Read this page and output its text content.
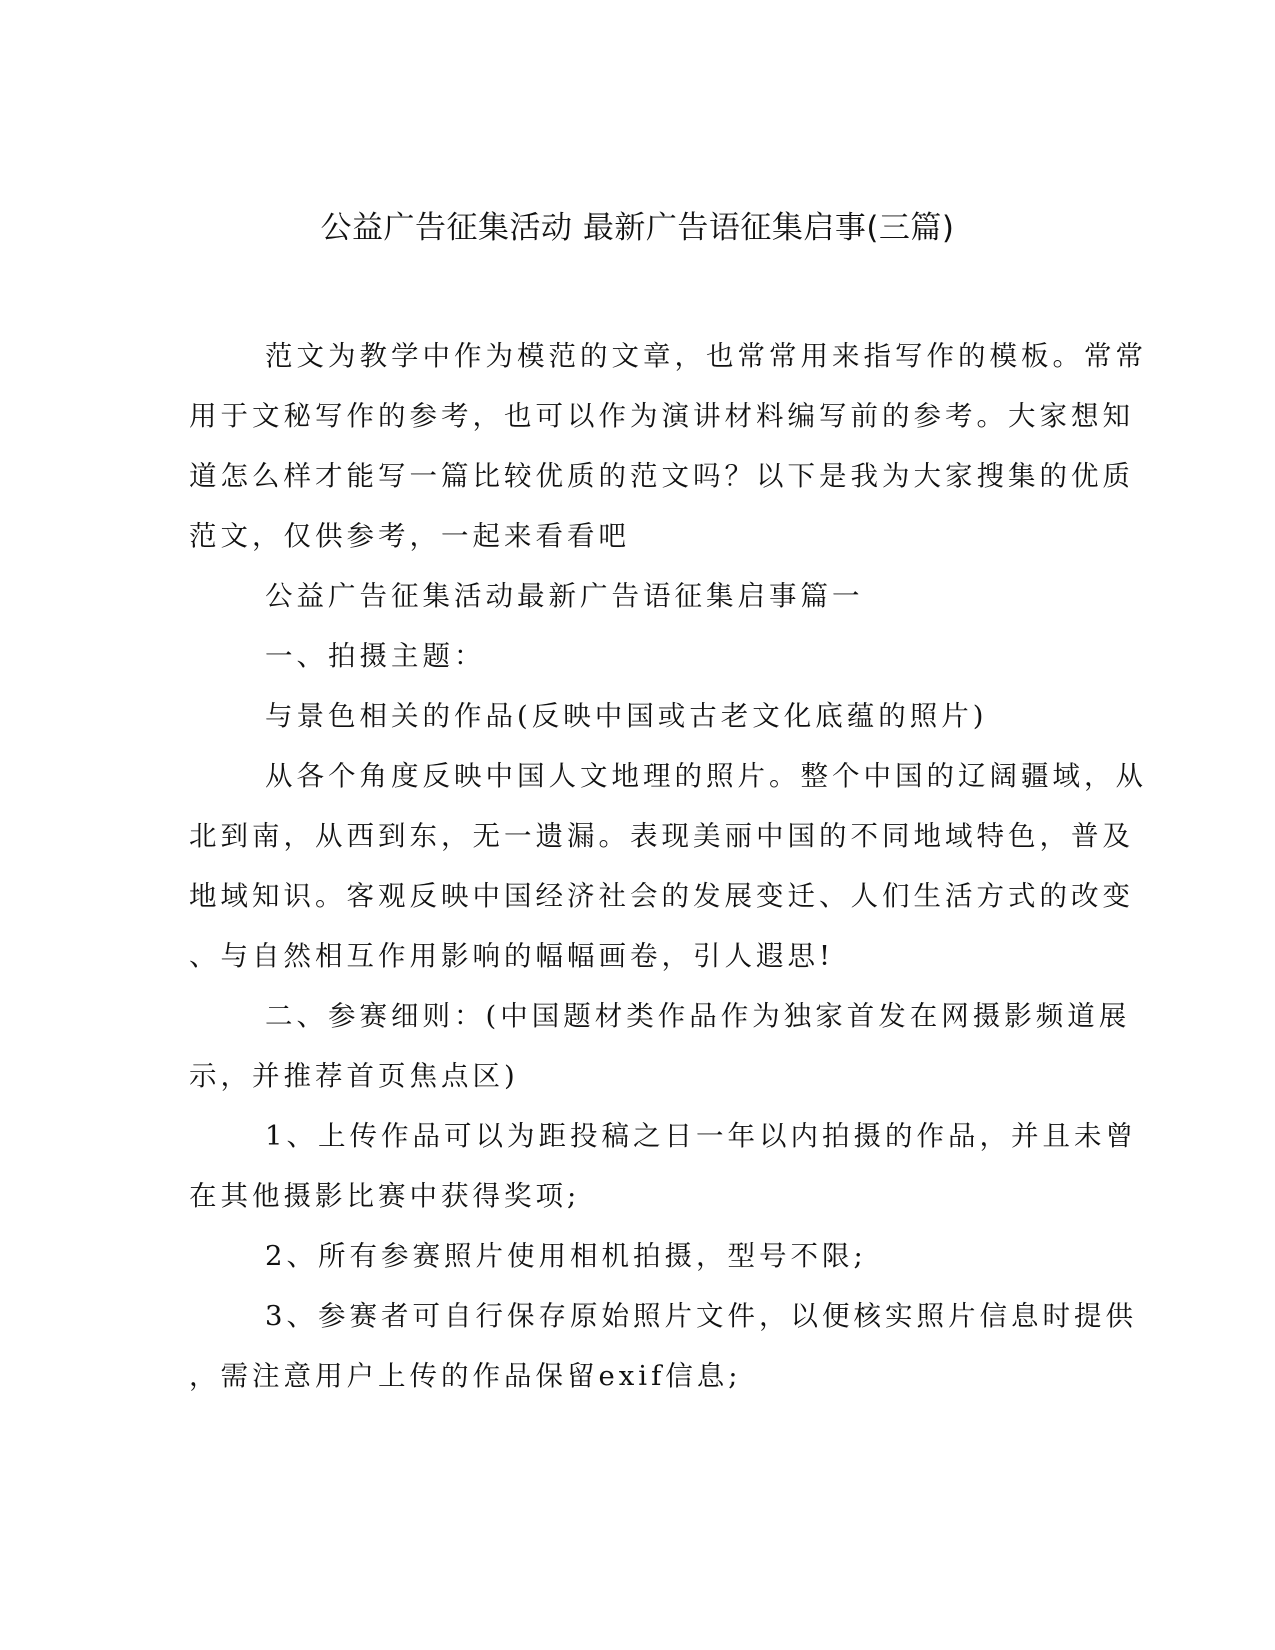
公益广告征集活动 最新广告语征集启事(三篇)

范文为教学中作为模范的文章，也常常用来指写作的模板。常常
用于文秘写作的参考，也可以作为演讲材料编写前的参考。大家想知
道怎么样才能写一篇比较优质的范文吗？以下是我为大家搜集的优质
范文，仅供参考，一起来看看吧

公益广告征集活动最新广告语征集启事篇一

一、拍摄主题：

与景色相关的作品(反映中国或古老文化底蕴的照片)

从各个角度反映中国人文地理的照片。整个中国的辽阔疆域，从
北到南，从西到东，无一遗漏。表现美丽中国的不同地域特色，普及
地域知识。客观反映中国经济社会的发展变迁、人们生活方式的改变
、与自然相互作用影响的幅幅画卷，引人遐思!

二、参赛细则：(中国题材类作品作为独家首发在网摄影频道展
示，并推荐首页焦点区)

1、上传作品可以为距投稿之日一年以内拍摄的作品，并且未曾
在其他摄影比赛中获得奖项;

2、所有参赛照片使用相机拍摄，型号不限;

3、参赛者可自行保存原始照片文件，以便核实照片信息时提供
，需注意用户上传的作品保留exif信息;
